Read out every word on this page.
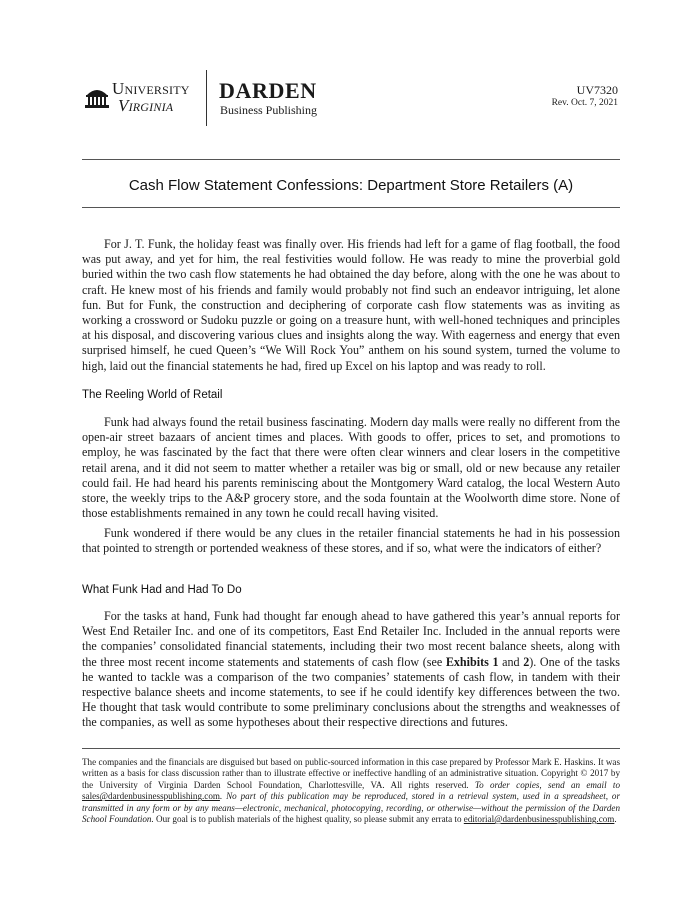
University
Virginia
DARDEN
Business Publishing
UV7320
Rev. Oct. 7, 2021
Cash Flow Statement Confessions: Department Store Retailers (A)

For J. T. Funk, the holiday feast was finally over. His friends had left for a game of flag football, the food was put away, and yet for him, the real festivities would follow. He was ready to mine the proverbial gold buried within the two cash flow statements he had obtained the day before, along with the one he was about to craft. He knew most of his friends and family would probably not find such an endeavor intriguing, let alone fun. But for Funk, the construction and deciphering of corporate cash flow statements was as inviting as working a crossword or Sudoku puzzle or going on a treasure hunt, with well-honed techniques and principles at his disposal, and discovering various clues and insights along the way. With eagerness and energy that even surprised himself, he cued Queen’s “We Will Rock You” anthem on his sound system, turned the volume to high, laid out the financial statements he had, fired up Excel on his laptop and was ready to roll.

The Reeling World of Retail

Funk had always found the retail business fascinating. Modern day malls were really no different from the open-air street bazaars of ancient times and places. With goods to offer, prices to set, and promotions to employ, he was fascinated by the fact that there were often clear winners and clear losers in the competitive retail arena, and it did not seem to matter whether a retailer was big or small, old or new because any retailer could fail. He had heard his parents reminiscing about the Montgomery Ward catalog, the local Western Auto store, the weekly trips to the A&P grocery store, and the soda fountain at the Woolworth dime store. None of those establishments remained in any town he could recall having visited.

Funk wondered if there would be any clues in the retailer financial statements he had in his possession that pointed to strength or portended weakness of these stores, and if so, what were the indicators of either?

What Funk Had and Had To Do

For the tasks at hand, Funk had thought far enough ahead to have gathered this year’s annual reports for West End Retailer Inc. and one of its competitors, East End Retailer Inc. Included in the annual reports were the companies’ consolidated financial statements, including their two most recent balance sheets, along with the three most recent income statements and statements of cash flow (see Exhibits 1 and 2). One of the tasks he wanted to tackle was a comparison of the two companies’ statements of cash flow, in tandem with their respective balance sheets and income statements, to see if he could identify key differences between the two. He thought that task would contribute to some preliminary conclusions about the strengths and weaknesses of the companies, as well as some hypotheses about their respective directions and futures.

The companies and the financials are disguised but based on public-sourced information in this case prepared by Professor Mark E. Haskins. It was written as a basis for class discussion rather than to illustrate effective or ineffective handling of an administrative situation. Copyright © 2017 by the University of Virginia Darden School Foundation, Charlottesville, VA. All rights reserved. To order copies, send an email to sales@dardenbusinesspublishing.com. No part of this publication may be reproduced, stored in a retrieval system, used in a spreadsheet, or transmitted in any form or by any means—electronic, mechanical, photocopying, recording, or otherwise—without the permission of the Darden School Foundation. Our goal is to publish materials of the highest quality, so please submit any errata to editorial@dardenbusinesspublishing.com.
